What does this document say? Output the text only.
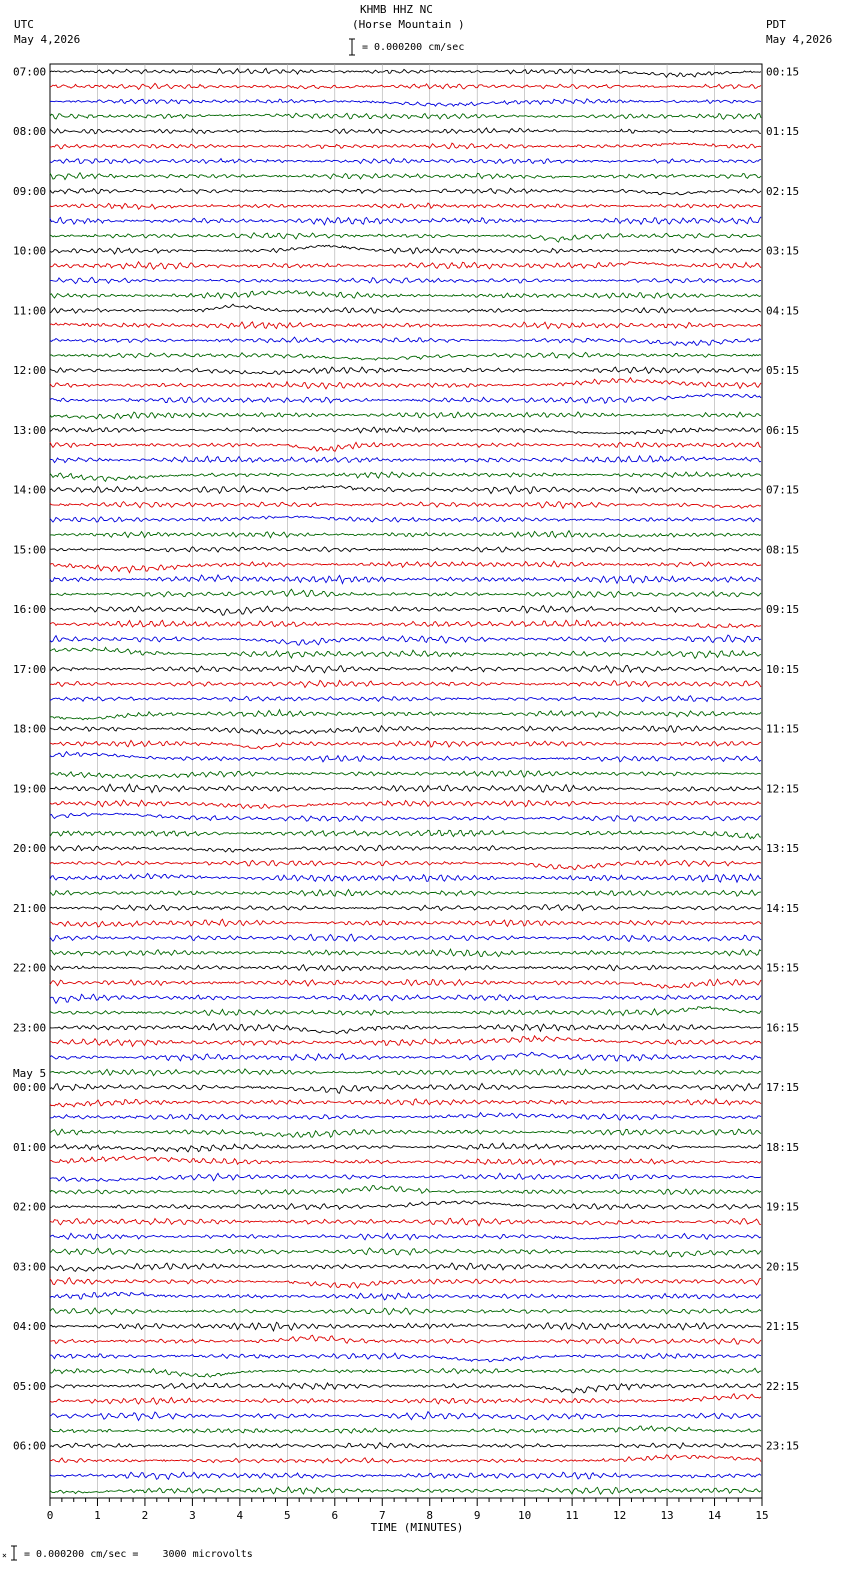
KHMB HHZ NC
(Horse Mountain )
= 0.000200 cm/sec
UTC
May 4,2026
PDT
May 4,2026
07:00
08:00
09:00
10:00
11:00
12:00
13:00
14:00
15:00
16:00
17:00
18:00
19:00
20:00
21:00
22:00
23:00
00:00
01:00
02:00
03:00
04:00
05:00
06:00
00:15
01:15
02:15
03:15
04:15
05:15
06:15
07:15
08:15
09:15
10:15
11:15
12:15
13:15
14:15
15:15
16:15
17:15
18:15
19:15
20:15
21:15
22:15
23:15
May 5
0	1	2	3	4	5	6	7	8	9	10	11	12	13	14	15
TIME (MINUTES)
× = 0.000200 cm/sec =    3000 microvolts
